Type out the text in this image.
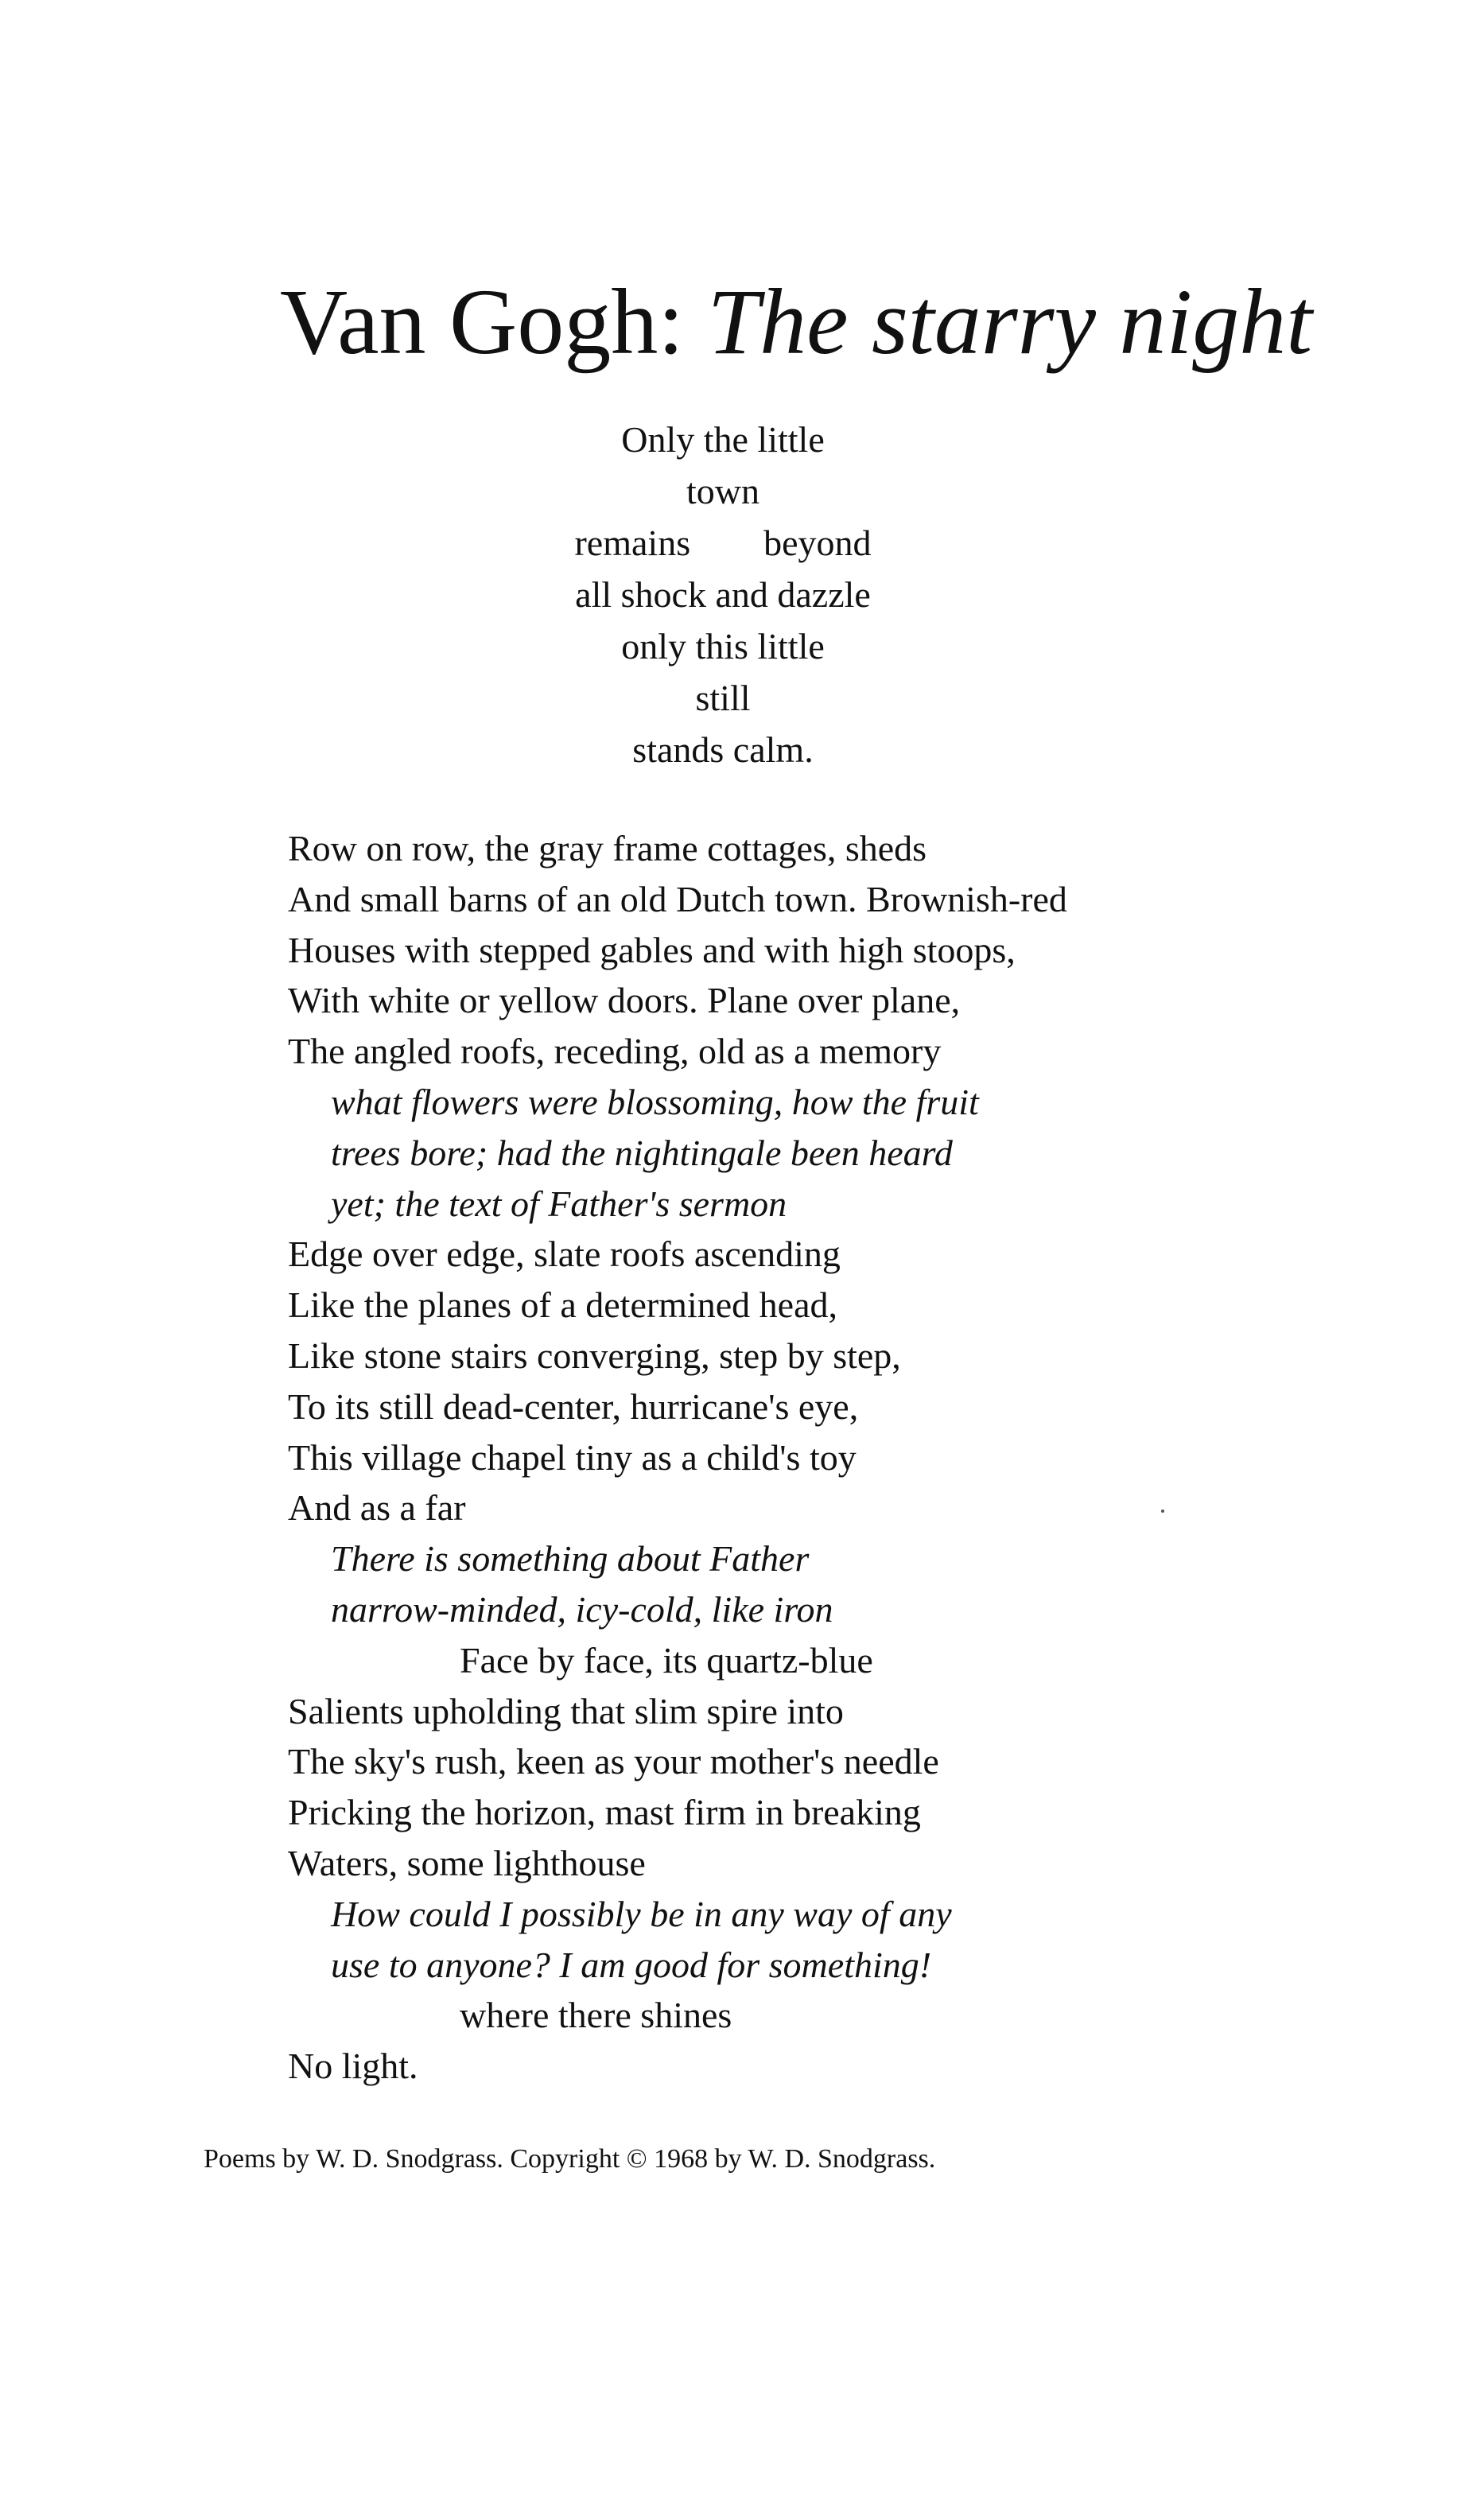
Van Gogh: The starry night
Only the little
town
remains        beyond
all shock and dazzle
only this little
still
stands calm.
Row on row, the gray frame cottages, sheds
And small barns of an old Dutch town. Brownish-red
Houses with stepped gables and with high stoops,
With white or yellow doors. Plane over plane,
The angled roofs, receding, old as a memory
what flowers were blossoming, how the fruit
trees bore; had the nightingale been heard
yet; the text of Father's sermon
Edge over edge, slate roofs ascending
Like the planes of a determined head,
Like stone stairs converging, step by step,
To its still dead-center, hurricane's eye,
This village chapel tiny as a child's toy
And as a far
There is something about Father
narrow-minded, icy-cold, like iron
Face by face, its quartz-blue
Salients upholding that slim spire into
The sky's rush, keen as your mother's needle
Pricking the horizon, mast firm in breaking
Waters, some lighthouse
How could I possibly be in any way of any
use to anyone? I am good for something!
where there shines
No light.
Poems by W. D. Snodgrass. Copyright © 1968 by W. D. Snodgrass.
